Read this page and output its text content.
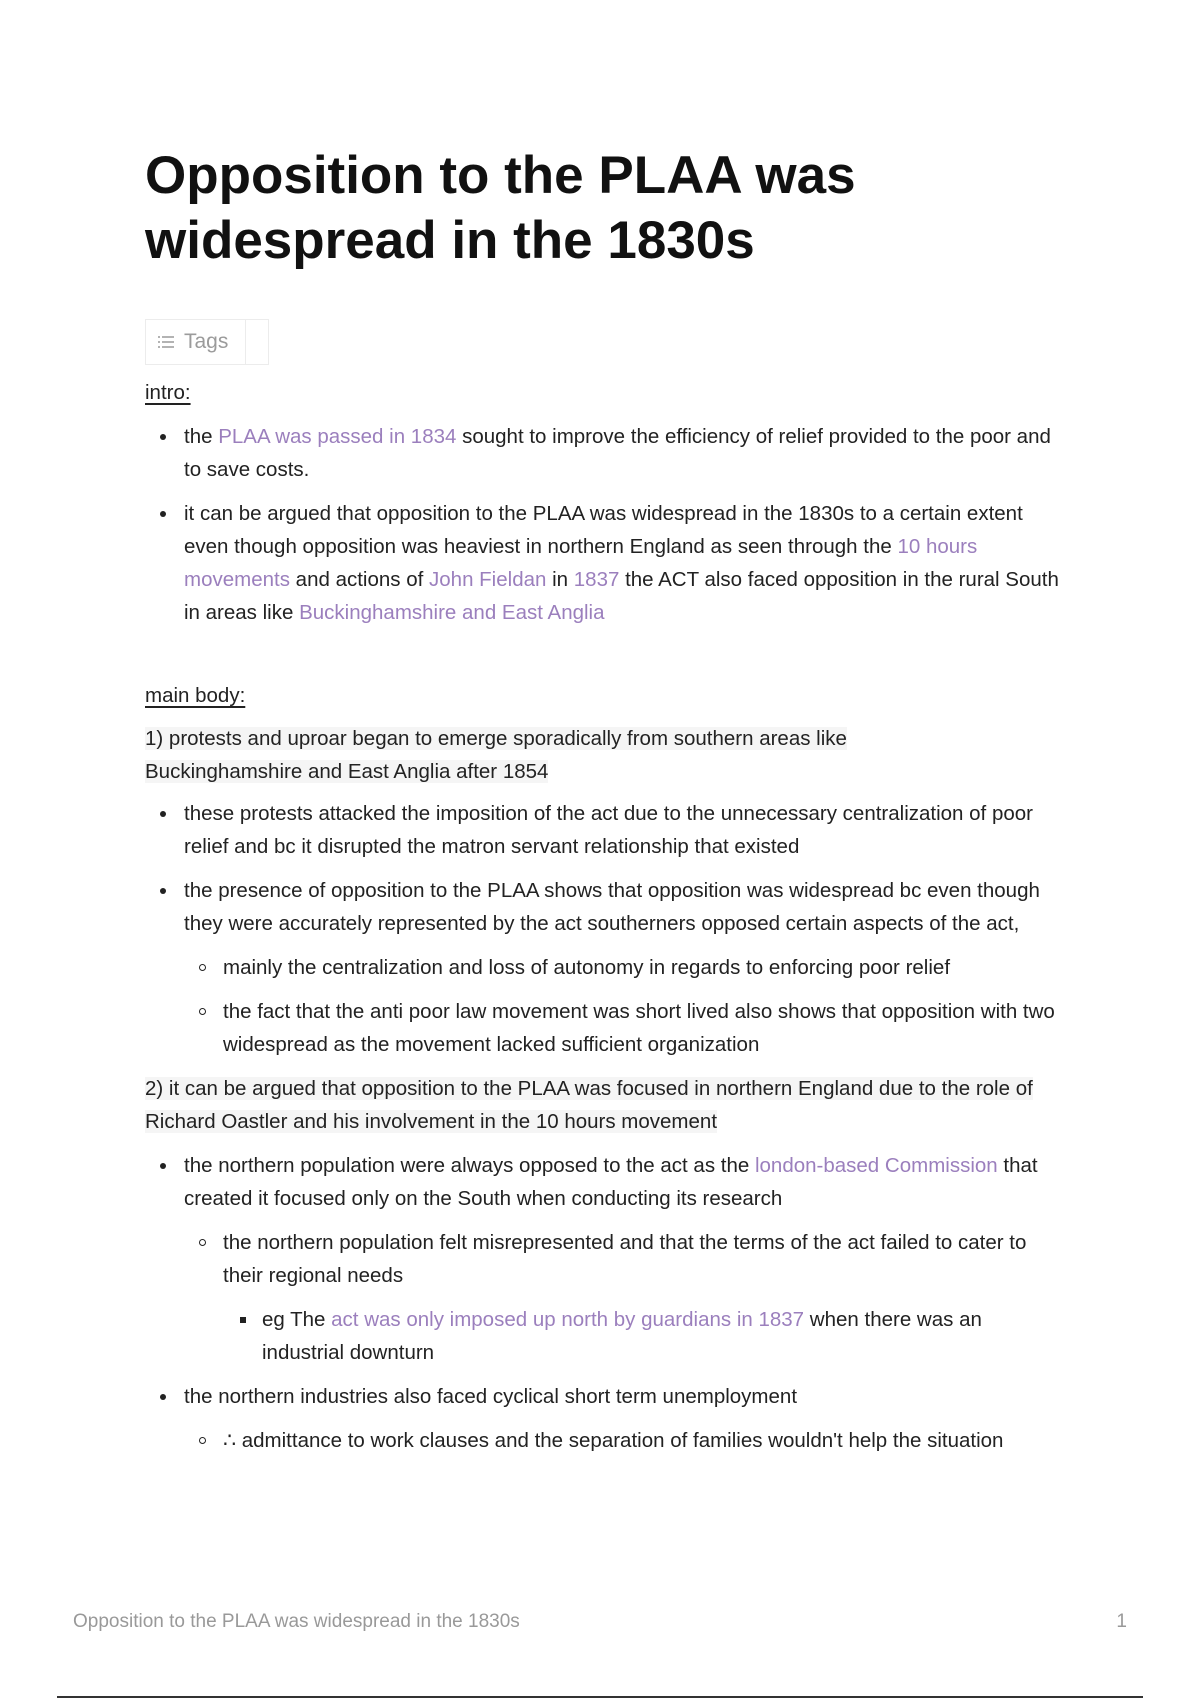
Opposition to the PLAA was widespread in the 1830s
Tags
intro:
the PLAA was passed in 1834 sought to improve the efficiency of relief provided to the poor and to save costs.
it can be argued that opposition to the PLAA was widespread in the 1830s to a certain extent even though opposition was heaviest in northern England as seen through the 10 hours movements and actions of John Fieldan in 1837 the ACT also faced opposition in the rural South in areas like Buckinghamshire and East Anglia
main body:
1) protests and uproar began to emerge sporadically from southern areas like Buckinghamshire and East Anglia after 1854
these protests attacked the imposition of the act due to the unnecessary centralization of poor relief and bc it disrupted the matron servant relationship that existed
the presence of opposition to the PLAA shows that opposition was widespread bc even though they were accurately represented by the act southerners opposed certain aspects of the act,
mainly the centralization and loss of autonomy in regards to enforcing poor relief
the fact that the anti poor law movement was short lived also shows that opposition with two widespread as the movement lacked sufficient organization
2) it can be argued that opposition to the PLAA was focused in northern England due to the role of Richard Oastler and his involvement in the 10 hours movement
the northern population were always opposed to the act as the london-based Commission that created it focused only on the South when conducting its research
the northern population felt misrepresented and that the terms of the act failed to cater to their regional needs
eg The act was only imposed up north by guardians in 1837 when there was an industrial downturn
the northern industries also faced cyclical short term unemployment
∴ admittance to work clauses and the separation of families wouldn't help the situation
Opposition to the PLAA was widespread in the 1830s	1
